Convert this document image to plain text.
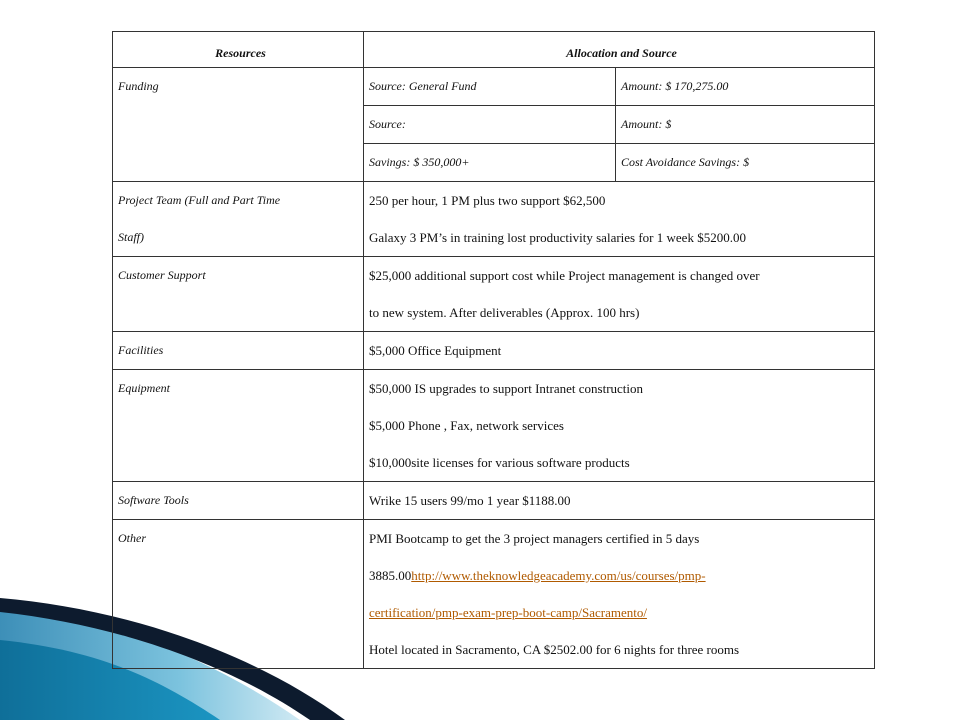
Resources	Allocation and Source	
Funding	Source: General Fund	Amount: $ 170,275.00
	Source:	Amount: $
	Savings: $ 350,000+	Cost Avoidance Savings: $

Project Team (Full and Part Time
Staff)	250 per hour, 1 PM plus two support $62,500
Galaxy 3 PM’s in training lost productivity salaries for 1 week $5200.00	

Customer Support	$25,000 additional support cost while Project management is changed over
to new system. After deliverables (Approx. 100 hrs)	

Facilities	$5,000 Office Equipment	

Equipment	$50,000 IS upgrades to support Intranet construction
$5,000 Phone , Fax, network services
$10,000site licenses for various software products	

Software Tools	Wrike 15 users 99/mo 1 year $1188.00	

Other	PMI Bootcamp to get the 3 project managers certified in 5 days
3885.00http://www.theknowledgeacademy.com/us/courses/pmp-
certification/pmp-exam-prep-boot-camp/Sacramento/
Hotel located in Sacramento, CA $2502.00 for 6 nights for three rooms	
